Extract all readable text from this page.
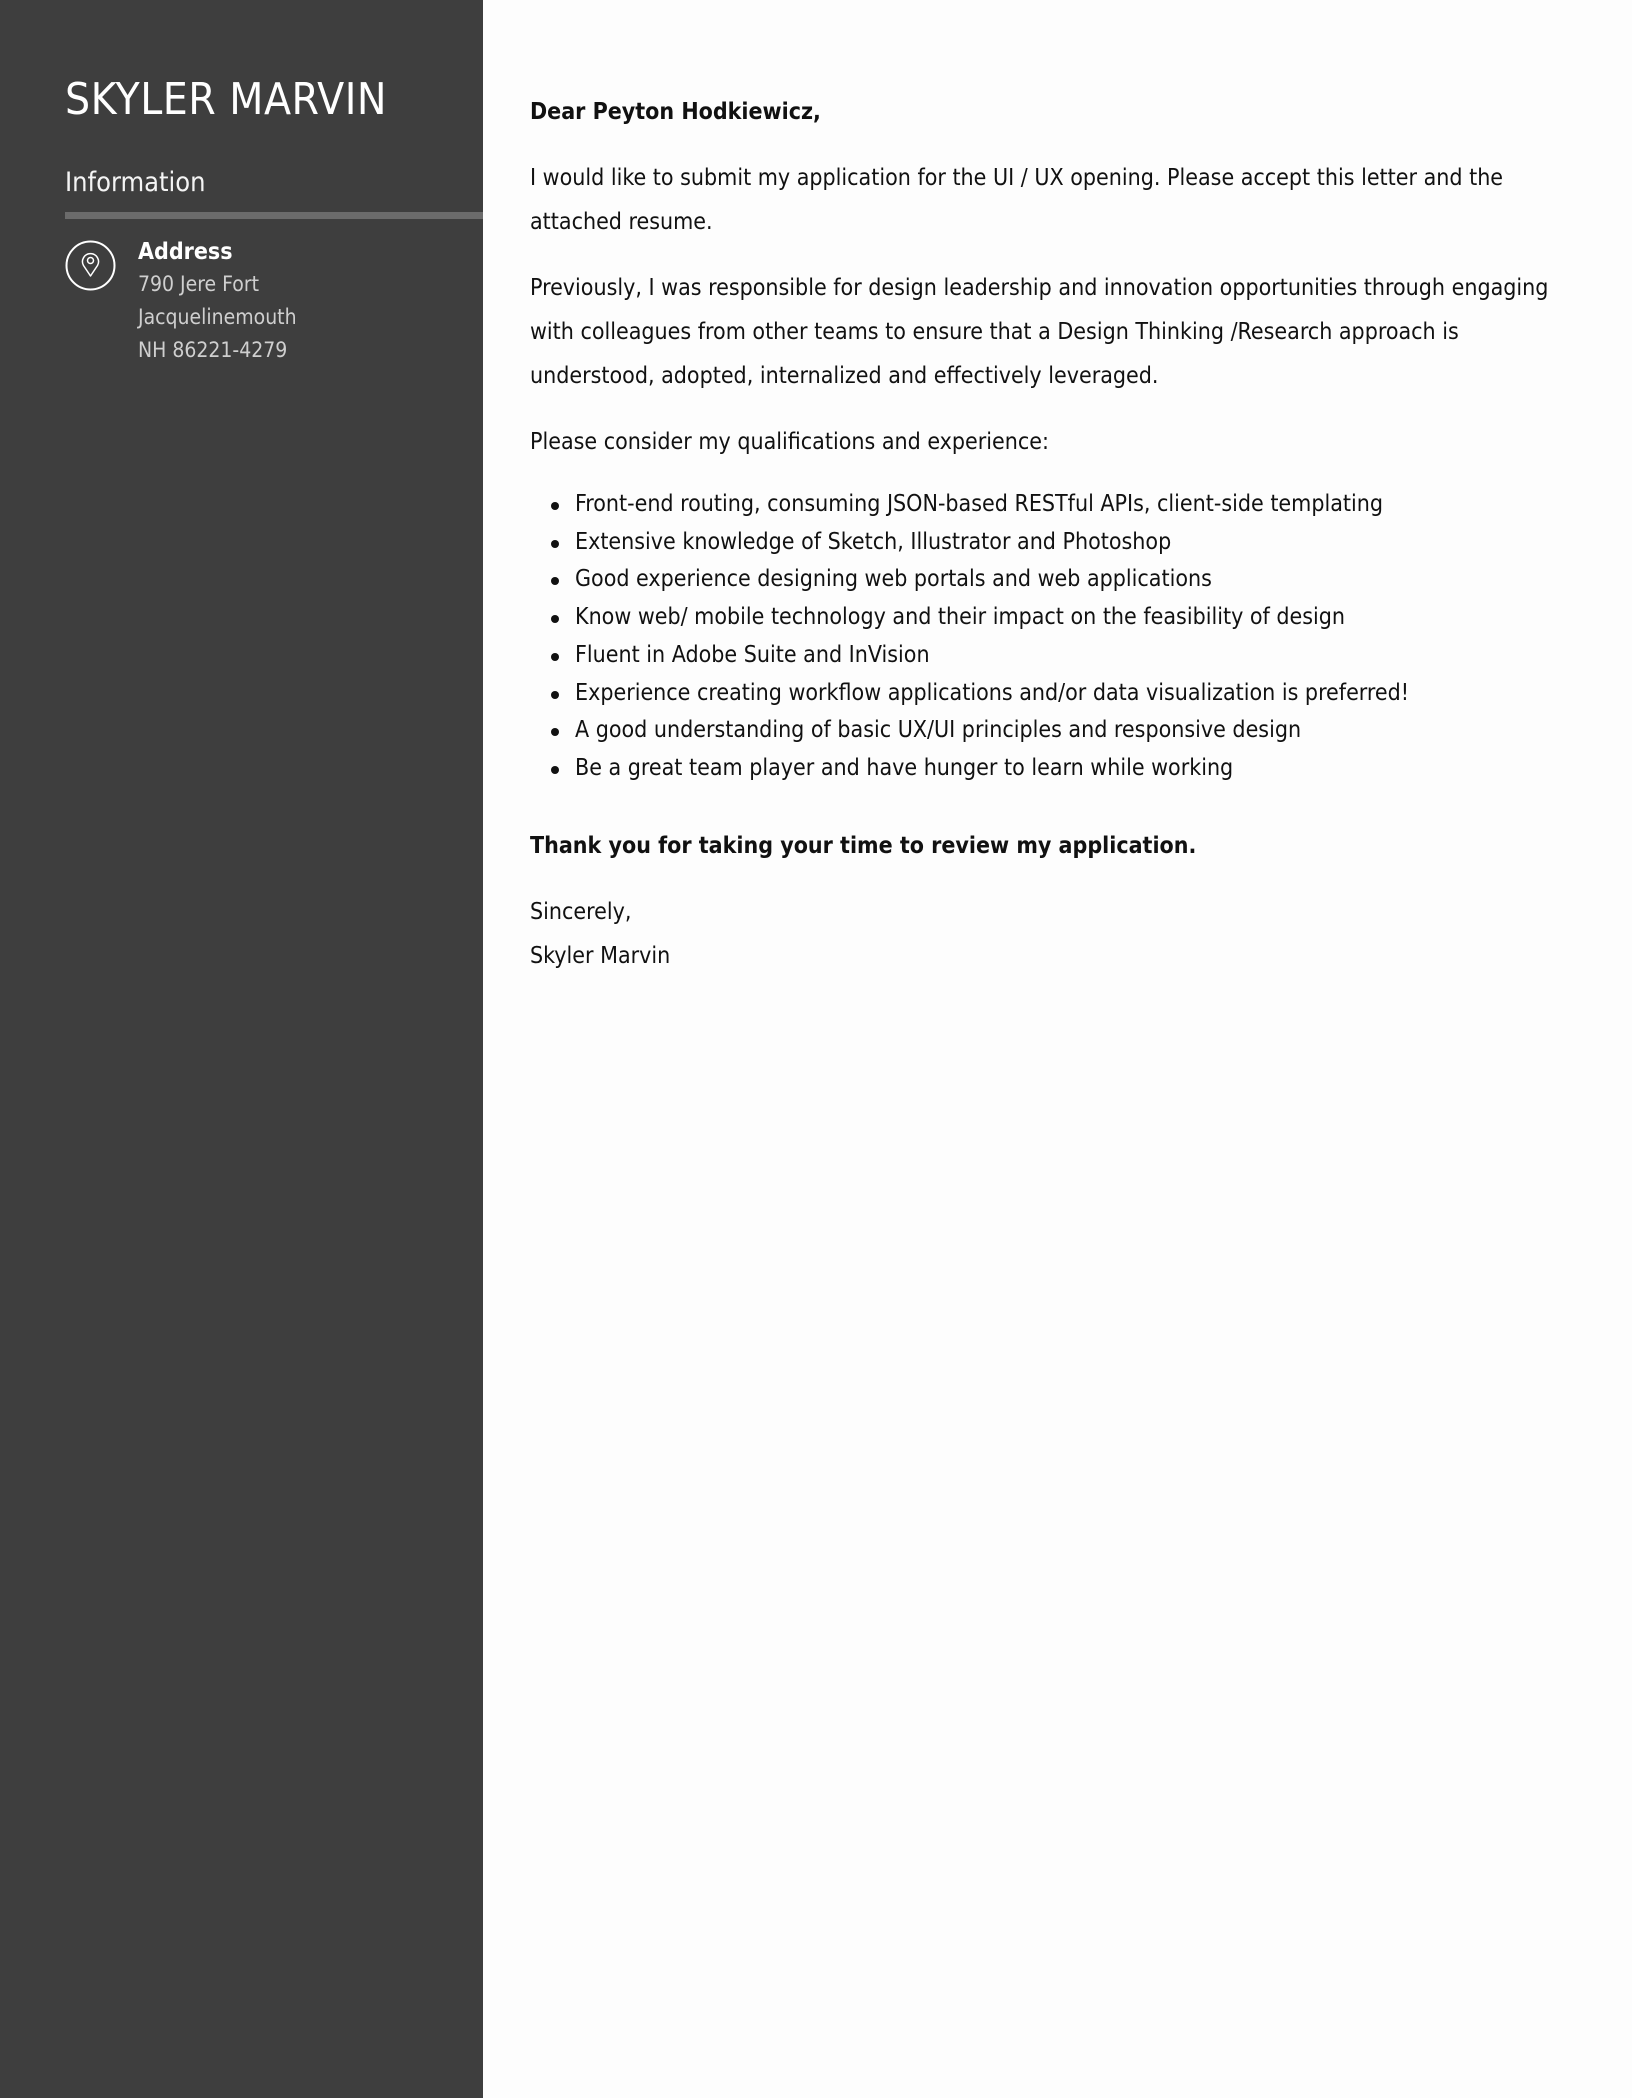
SKYLER MARVIN
Information
Address
790 Jere Fort
Jacquelinemouth
NH 86221-4279

Dear Peyton Hodkiewicz,

I would like to submit my application for the UI / UX opening. Please accept this letter and the attached resume.

Previously, I was responsible for design leadership and innovation opportunities through engaging with colleagues from other teams to ensure that a Design Thinking /Research approach is understood, adopted, internalized and effectively leveraged.

Please consider my qualifications and experience:

Front-end routing, consuming JSON-based RESTful APIs, client-side templating
Extensive knowledge of Sketch, Illustrator and Photoshop
Good experience designing web portals and web applications
Know web/ mobile technology and their impact on the feasibility of design
Fluent in Adobe Suite and InVision
Experience creating workflow applications and/or data visualization is preferred!
A good understanding of basic UX/UI principles and responsive design
Be a great team player and have hunger to learn while working

Thank you for taking your time to review my application.

Sincerely,

Skyler Marvin
